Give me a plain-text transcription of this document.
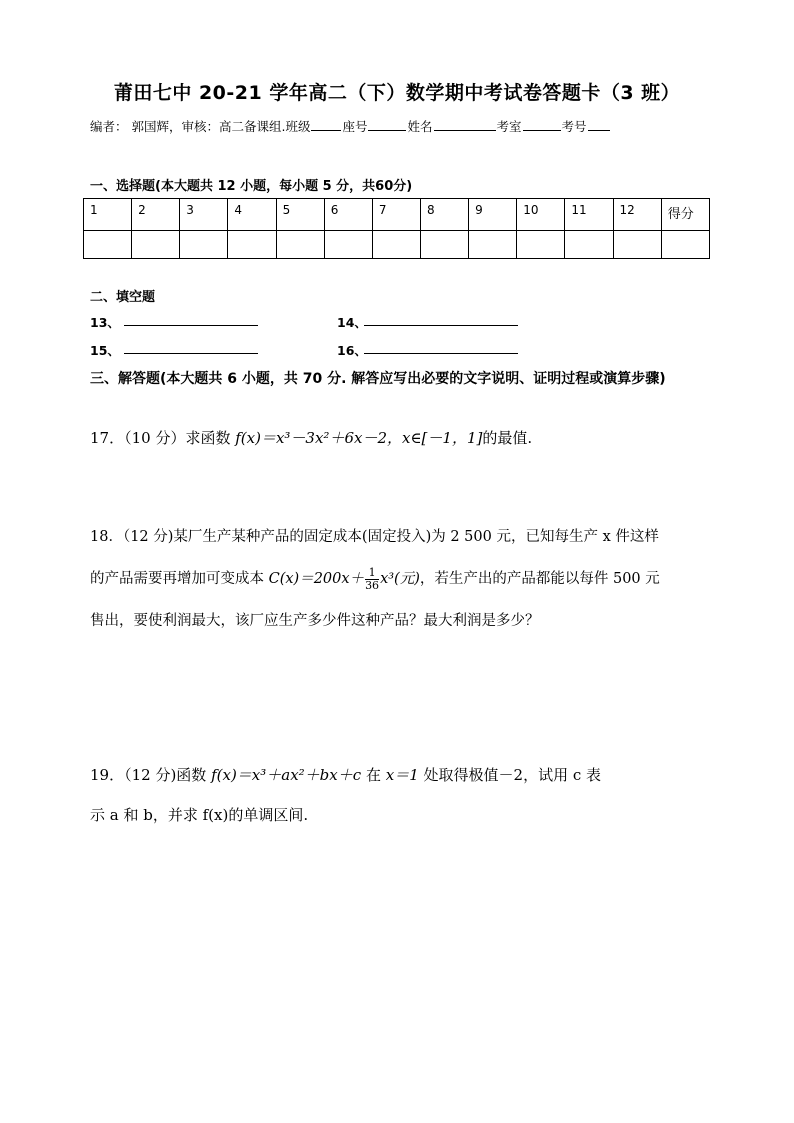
莆田七中 20-21 学年高二（下）数学期中考试卷答题卡（3 班）
编者： 郭国辉，审核：高二备课组.班级	座号	姓名	考室	考号
一、选择题(本大题共 12 小题，每小题 5 分，共60分)
1	2	3	4	5	6	7	8	9	10	11	12	得分

二、填空题
13、	14、
15、	16、
三、解答题(本大题共 6 小题，共 70 分. 解答应写出必要的文字说明、证明过程或演算步骤)
17．（10 分）求函数 f(x)＝x³－3x²＋6x－2，x∈[－1，1]的最值.
18．（12 分)某厂生产某种产品的固定成本(固定投入)为 2 500 元，已知每生产 x 件这样
的产品需要再增加可变成本 $C(x)=200x+ \frac{1}{36} x^3$(元)，若生产出的产品都能以每件 500 元
售出，要使利润最大，该厂应生产多少件这种产品？最大利润是多少？
19．（12 分)函数 f(x)＝x³＋ax²＋bx＋c 在 x＝1 处取得极值－2，试用 c 表
示 a 和 b，并求 f(x)的单调区间.
